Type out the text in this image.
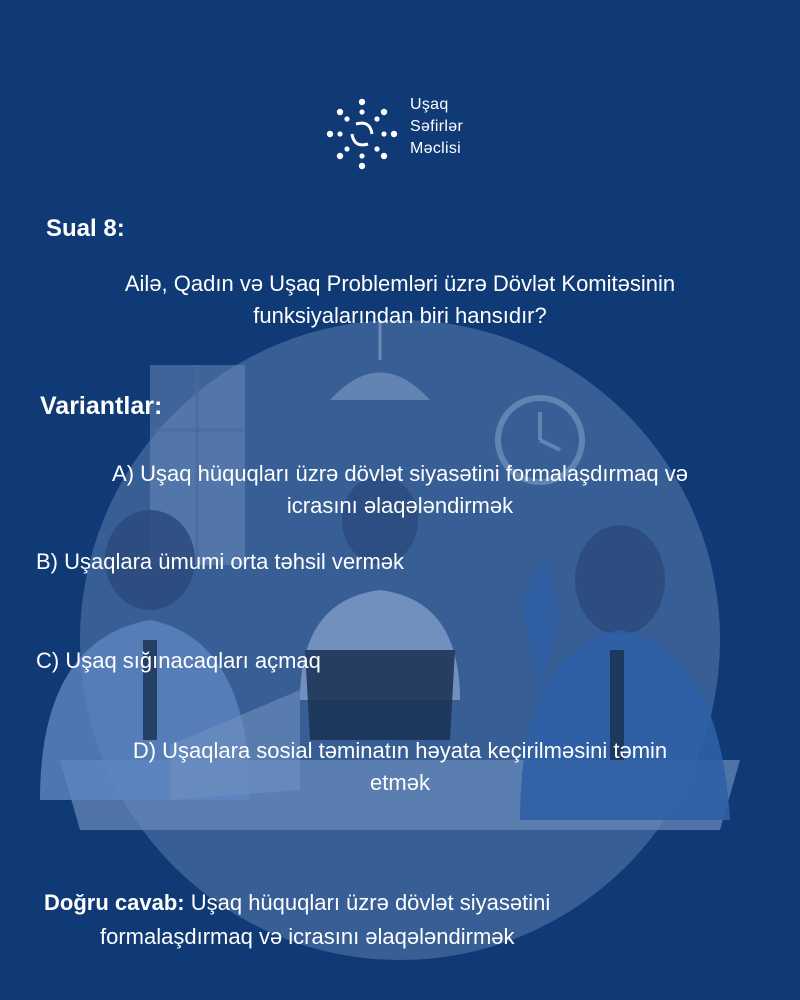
Uşaq
Səfirlər
Məclisi
Sual 8:
Ailə, Qadın və Uşaq Problemləri üzrə Dövlət Komitəsinin
funksiyalarından biri hansıdır?
Variantlar:
A) Uşaq hüquqları üzrə dövlət siyasətini formalaşdırmaq və
icrasını əlaqələndirmək
B) Uşaqlara ümumi orta təhsil vermək
C) Uşaq sığınacaqları açmaq
D) Uşaqlara sosial təminatın həyata keçirilməsini təmin
etmək
Doğru cavab: Uşaq hüquqları üzrə dövlət siyasətini
formalaşdırmaq və icrasını əlaqələndirmək
